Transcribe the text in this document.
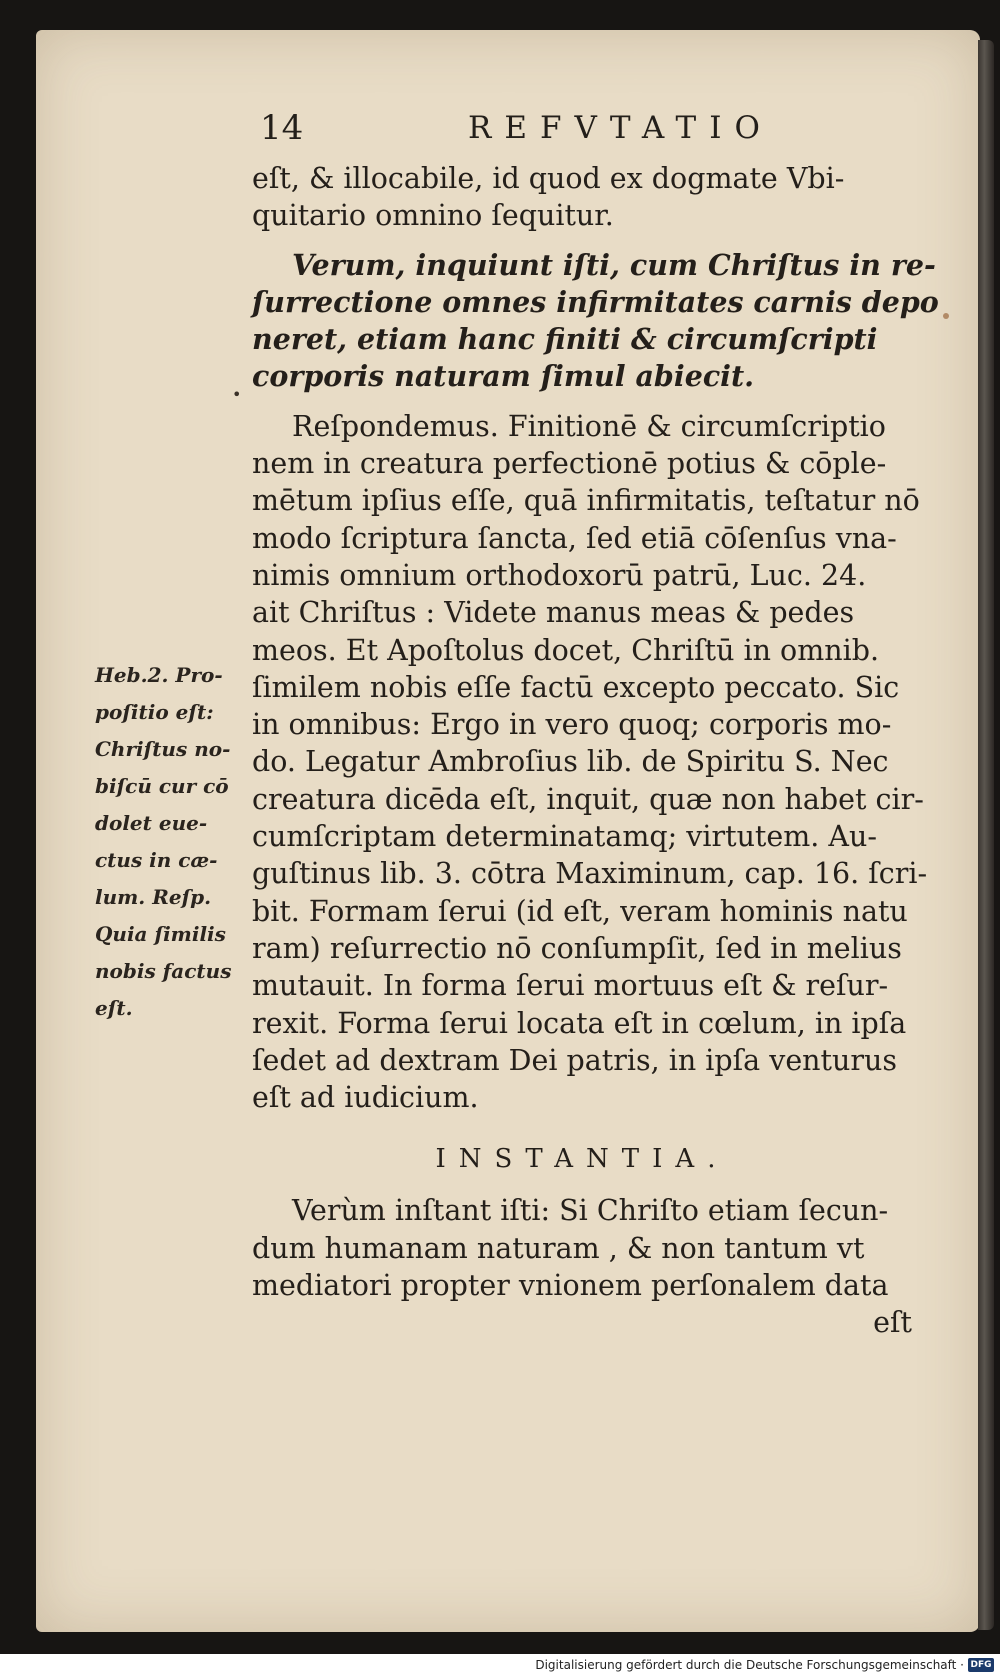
14	REFVTATIO
•
Heb.2. Pro-
poſitio eſt:
Chriſtus no-
biſcū cur cō
dolet eue-
ctus in cæ-
lum. Reſp.
Quia ſimilis
nobis factus
eſt.
eſt, & illocabile, id quod ex dogmate Vbi-
quitario omnino ſequitur.
Verum, inquiunt iſti, cum Chriſtus in re-
ſurrectione omnes infirmitates carnis depo
neret, etiam hanc finiti & circumſcripti
corporis naturam ſimul abiecit.
Reſpondemus. Finitionē & circumſcriptio
nem in creatura perfectionē potius & cōple-
mētum ipſius eſſe, quā infirmitatis, teſtatur nō
modo ſcriptura ſancta, ſed etiā cōſenſus vna-
nimis omnium orthodoxorū patrū, Luc. 24.
ait Chriſtus : Videte manus meas & pedes
meos. Et Apoſtolus docet, Chriſtū in omnib.
ſimilem nobis eſſe factū excepto peccato. Sic
in omnibus: Ergo in vero quoq; corporis mo-
do. Legatur Ambroſius lib. de Spiritu S. Nec
creatura dicēda eſt, inquit, quæ non habet cir-
cumſcriptam determinatamq; virtutem. Au-
guſtinus lib. 3. cōtra Maximinum, cap. 16. ſcri-
bit. Formam ſerui (id eſt, veram hominis natu
ram) reſurrectio nō conſumpſit, ſed in melius
mutauit. In forma ſerui mortuus eſt & reſur-
rexit. Forma ſerui locata eſt in cœlum, in ipſa
ſedet ad dextram Dei patris, in ipſa venturus
eſt ad iudicium.
INSTANTIA.
Verùm inſtant iſti: Si Chriſto etiam ſecun-
dum humanam naturam , & non tantum vt
mediatori propter vnionem perſonalem data
eſt
Digitalisierung gefördert durch die Deutsche Forschungsgemeinschaft · DFG
